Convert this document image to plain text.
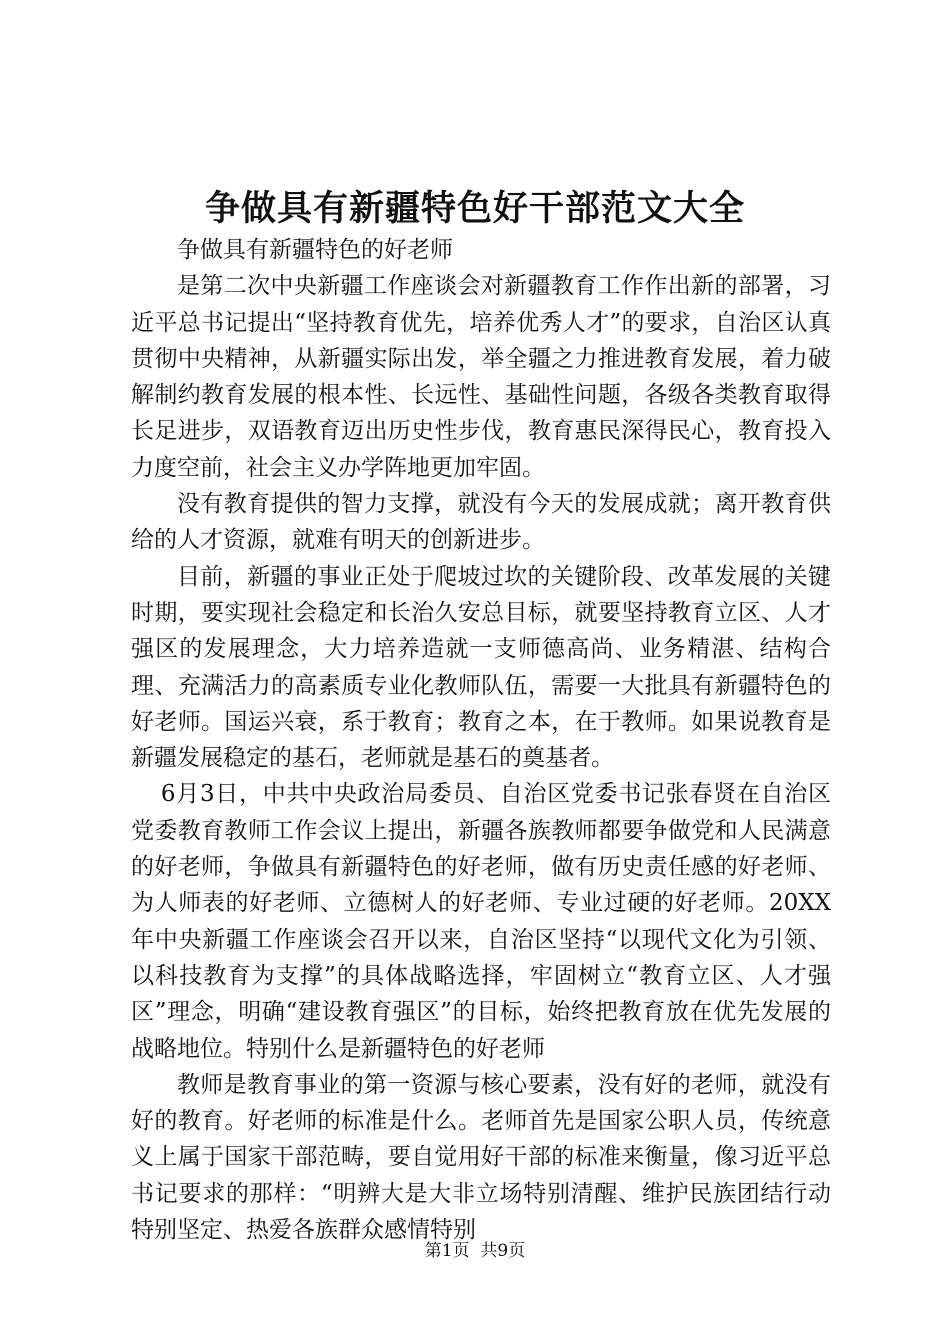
争做具有新疆特色好干部范文大全

争做具有新疆特色的好老师

是第二次中央新疆工作座谈会对新疆教育工作作出新的部署，习近平总书记提出“坚持教育优先，培养优秀人才”的要求，自治区认真贯彻中央精神，从新疆实际出发，举全疆之力推进教育发展，着力破解制约教育发展的根本性、长远性、基础性问题，各级各类教育取得长足进步，双语教育迈出历史性步伐，教育惠民深得民心，教育投入力度空前，社会主义办学阵地更加牢固。

没有教育提供的智力支撑，就没有今天的发展成就；离开教育供给的人才资源，就难有明天的创新进步。

目前，新疆的事业正处于爬坡过坎的关键阶段、改革发展的关键时期，要实现社会稳定和长治久安总目标，就要坚持教育立区、人才强区的发展理念，大力培养造就一支师德高尚、业务精湛、结构合理、充满活力的高素质专业化教师队伍，需要一大批具有新疆特色的好老师。国运兴衰，系于教育；教育之本，在于教师。如果说教育是新疆发展稳定的基石，老师就是基石的奠基者。

6月3日，中共中央政治局委员、自治区党委书记张春贤在自治区党委教育教师工作会议上提出，新疆各族教师都要争做党和人民满意的好老师，争做具有新疆特色的好老师，做有历史责任感的好老师、为人师表的好老师、立德树人的好老师、专业过硬的好老师。20XX年中央新疆工作座谈会召开以来，自治区坚持“以现代文化为引领、以科技教育为支撑”的具体战略选择，牢固树立“教育立区、人才强区”理念，明确“建设教育强区”的目标，始终把教育放在优先发展的战略地位。特别什么是新疆特色的好老师

教师是教育事业的第一资源与核心要素，没有好的老师，就没有好的教育。好老师的标准是什么。老师首先是国家公职人员，传统意义上属于国家干部范畴，要自觉用好干部的标准来衡量，像习近平总书记要求的那样：“明辨大是大非立场特别清醒、维护民族团结行动特别坚定、热爱各族群众感情特别

第1页 共9页
